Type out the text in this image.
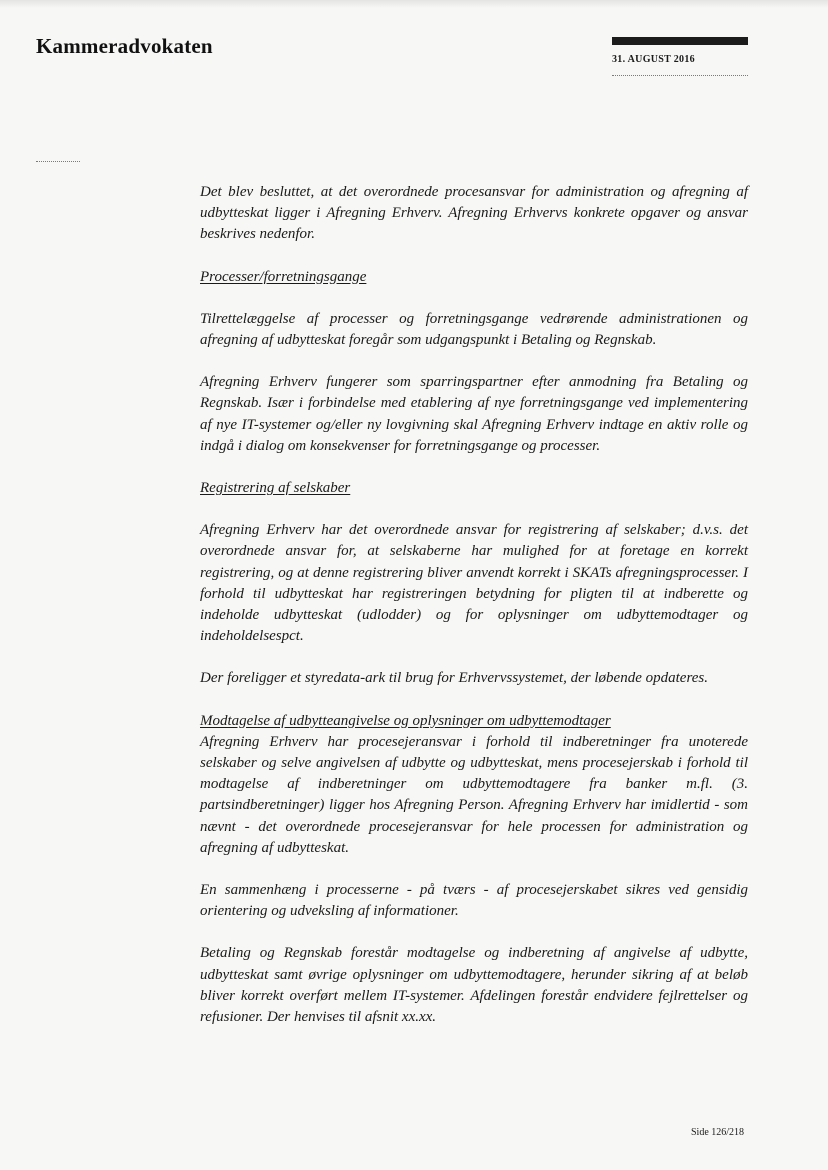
Kammeradvokaten
31. AUGUST 2016

Det blev besluttet, at det overordnede procesansvar for administration og afregning af udbytteskat ligger i Afregning Erhverv. Afregning Erhvervs konkrete opgaver og ansvar beskrives nedenfor.

Processer/forretningsgange

Tilrettelæggelse af processer og forretningsgange vedrørende administrationen og afregning af udbytteskat foregår som udgangspunkt i Betaling og Regnskab.

Afregning Erhverv fungerer som sparringspartner efter anmodning fra Betaling og Regnskab. Især i forbindelse med etablering af nye forretningsgange ved implementering af nye IT-systemer og/eller ny lovgivning skal Afregning Erhverv indtage en aktiv rolle og indgå i dialog om konsekvenser for forretningsgange og processer.

Registrering af selskaber

Afregning Erhverv har det overordnede ansvar for registrering af selskaber; d.v.s. det overordnede ansvar for, at selskaberne har mulighed for at foretage en korrekt registrering, og at denne registrering bliver anvendt korrekt i SKATs afregningsprocesser. I forhold til udbytteskat har registreringen betydning for pligten til at indberette og indeholde udbytteskat (udlodder) og for oplysninger om udbyttemodtager og indeholdelsespct.

Der foreligger et styredata-ark til brug for Erhvervssystemet, der løbende opdateres.

Modtagelse af udbytteangivelse og oplysninger om udbyttemodtager

Afregning Erhverv har procesejeransvar i forhold til indberetninger fra unoterede selskaber og selve angivelsen af udbytte og udbytteskat, mens procesejerskab i forhold til modtagelse af indberetninger om udbyttemodtagere fra banker m.fl. (3. partsindberetninger) ligger hos Afregning Person. Afregning Erhverv har imidlertid - som nævnt - det overordnede procesejeransvar for hele processen for administration og afregning af udbytteskat.

En sammenhæng i processerne - på tværs - af procesejerskabet sikres ved gensidig orientering og udveksling af informationer.

Betaling og Regnskab forestår modtagelse og indberetning af angivelse af udbytte, udbytteskat samt øvrige oplysninger om udbyttemodtagere, herunder sikring af at beløb bliver korrekt overført mellem IT-systemer. Afdelingen forestår endvidere fejlrettelser og refusioner. Der henvises til afsnit xx.xx.

Side 126/218
